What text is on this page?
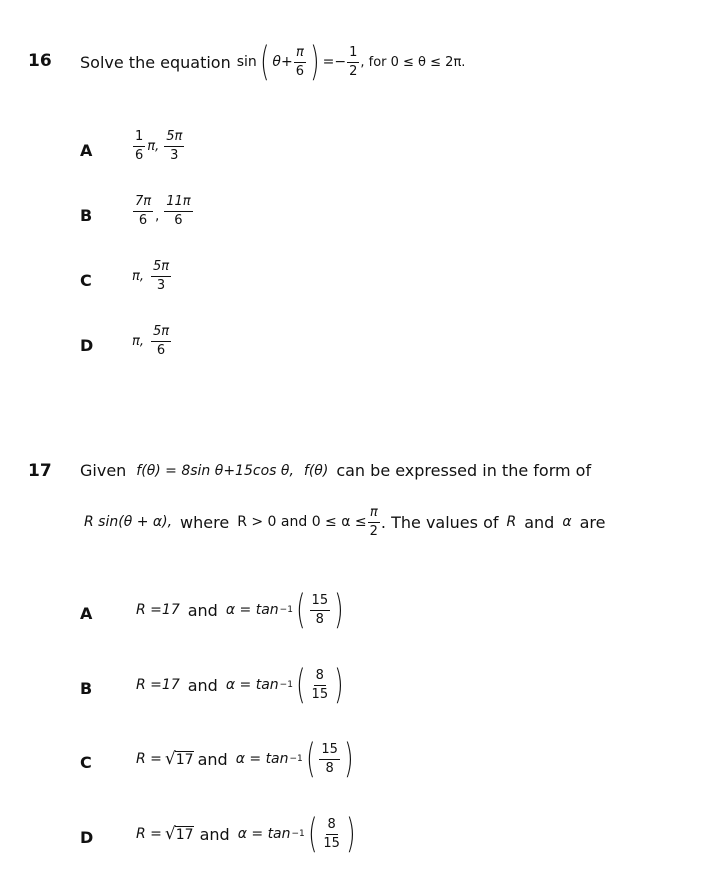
16 Solve the equation sin ( $\theta + \frac{\pi}{6}$ ) = − $\frac{1}{2}$ , for 0 ≤ θ ≤ 2π.
A	$\frac{1}{6} \pi$, $\frac{5\pi}{3}$
B	$\frac{7\pi}{6}$ , $\frac{11\pi}{6}$
C	π, $\frac{5\pi}{3}$
D	π, $\frac{5\pi}{6}$
17 Given f(θ) = 8sin θ+15cos θ, f(θ) can be expressed in the form of
R sin(θ + α), where R > 0 and $0 \le \alpha \le \frac{\pi}{2}$ . The values of R and α are
A	R =17 and α = tan −1 ( $\frac{15}{8}$ )
B	R =17 and α = tan −1 ( $\frac{8}{15}$ )
C	R = √ 17 and α = tan −1 ( $\frac{15}{8}$ )
D	R = √ 17 and α = tan −1 ( $\frac{8}{15}$ )
